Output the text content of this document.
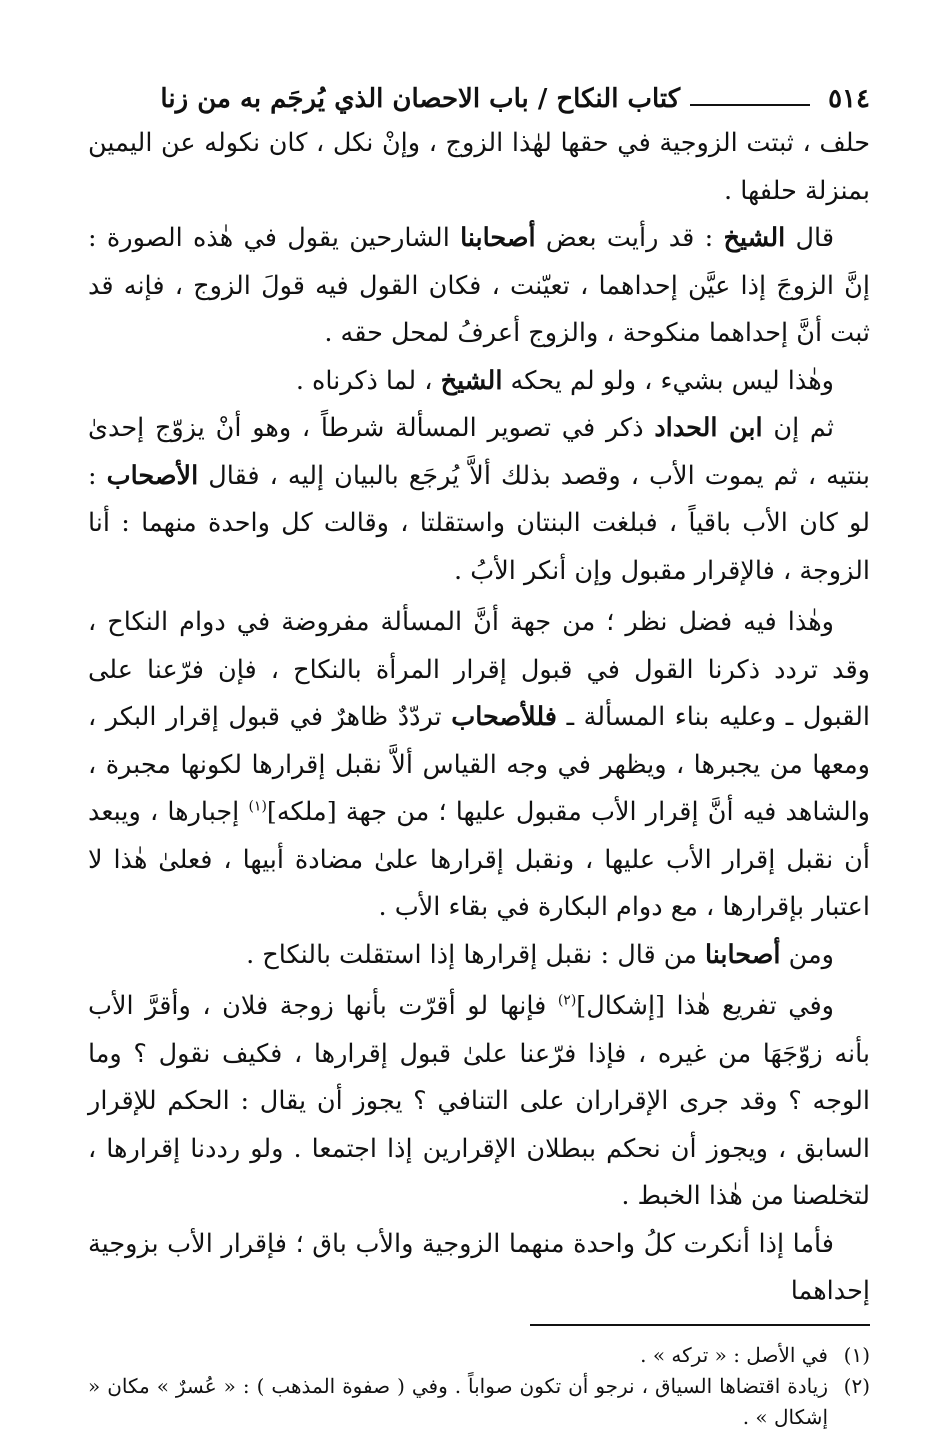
٥١٤
كتاب النكاح / باب الاحصان الذي يُرجَم به من زنا

حلف ، ثبتت الزوجية في حقها لهٰذا الزوج ، وإنْ نكل ، كان نكوله عن اليمين بمنزلة حلفها .

قال الشيخ : قد رأيت بعض أصحابنا الشارحين يقول في هٰذه الصورة : إنَّ الزوجَ إذا عيَّن إحداهما ، تعيّنت ، فكان القول فيه قولَ الزوج ، فإنه قد ثبت أنَّ إحداهما منكوحة ، والزوج أعرفُ لمحل حقه .

وهٰذا ليس بشيء ، ولو لم يحكه الشيخ ، لما ذكرناه .

ثم إن ابن الحداد ذكر في تصوير المسألة شرطاً ، وهو أنْ يزوّج إحدىٰ بنتيه ، ثم يموت الأب ، وقصد بذلك ألاَّ يُرجَع بالبيان إليه ، فقال الأصحاب : لو كان الأب باقياً ، فبلغت البنتان واستقلتا ، وقالت كل واحدة منهما : أنا الزوجة ، فالإقرار مقبول وإن أنكر الأبُ .

وهٰذا فيه فضل نظر ؛ من جهة أنَّ المسألة مفروضة في دوام النكاح ، وقد تردد ذكرنا القول في قبول إقرار المرأة بالنكاح ، فإن فرّعنا على القبول ـ وعليه بناء المسألة ـ فللأصحاب تردّدٌ ظاهرٌ في قبول إقرار البكر ، ومعها من يجبرها ، ويظهر في وجه القياس ألاَّ نقبل إقرارها لكونها مجبرة ، والشاهد فيه أنَّ إقرار الأب مقبول عليها ؛ من جهة [ملكه]$^{(١)}$ إجبارها ، ويبعد أن نقبل إقرار الأب عليها ، ونقبل إقرارها علىٰ مضادة أبيها ، فعلىٰ هٰذا لا اعتبار بإقرارها ، مع دوام البكارة في بقاء الأب .

ومن أصحابنا من قال : نقبل إقرارها إذا استقلت بالنكاح .

وفي تفريع هٰذا [إشكال]$^{(٢)}$ فإنها لو أقرّت بأنها زوجة فلان ، وأقرَّ الأب بأنه زوّجَهَا من غيره ، فإذا فرّعنا علىٰ قبول إقرارها ، فكيف نقول ؟ وما الوجه ؟ وقد جرى الإقراران على التنافي ؟ يجوز أن يقال : الحكم للإقرار السابق ، ويجوز أن نحكم ببطلان الإقرارين إذا اجتمعا . ولو رددنا إقرارها ، لتخلصنا من هٰذا الخبط .

فأما إذا أنكرت كلُ واحدة منهما الزوجية والأب باق ؛ فإقرار الأب بزوجية إحداهما

(١)
في الأصل : « تركه » .
(٢)
زيادة اقتضاها السياق ، نرجو أن تكون صواباً . وفي ( صفوة المذهب ) : « عُسرٌ » مكان « إشكال » .
